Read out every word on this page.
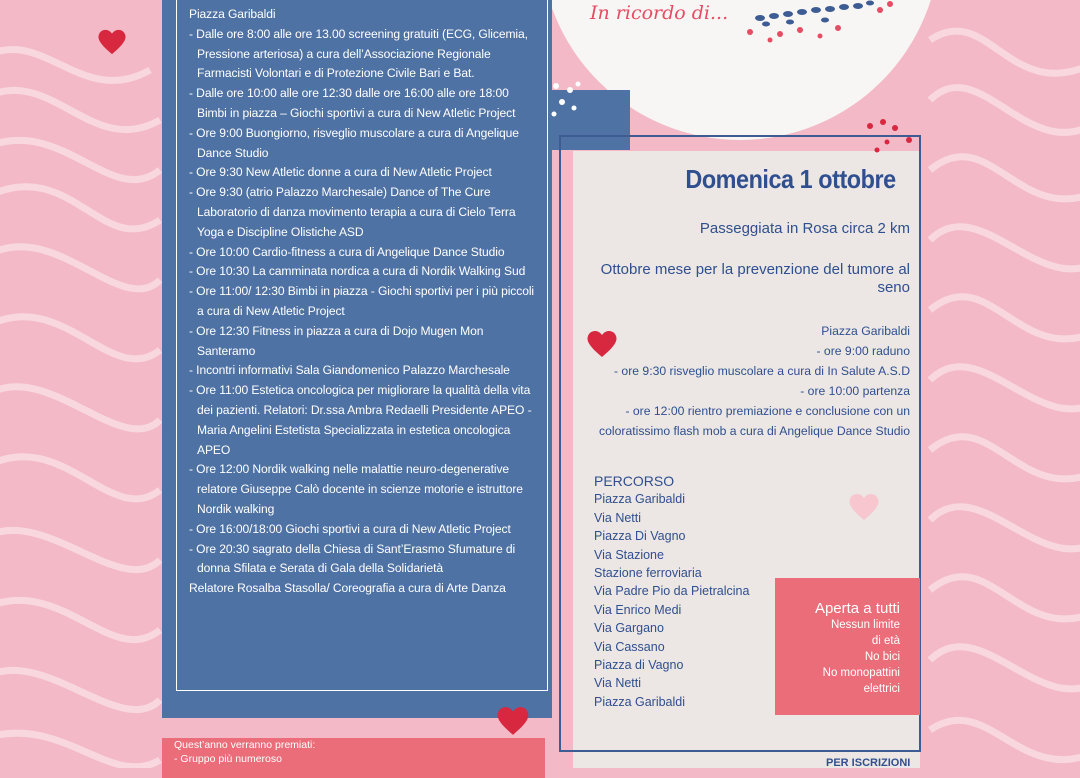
In ricordo di...
Piazza Garibaldi
- Dalle ore 8:00 alle ore 13.00 screening gratuiti (ECG, Glicemia, Pressione arteriosa) a cura dell’Associazione Regionale Farmacisti Volontari e di Protezione Civile Bari e Bat.
- Dalle ore 10:00 alle ore 12:30 dalle ore 16:00 alle ore 18:00 Bimbi in piazza – Giochi sportivi a cura di New Atletic Project
- Ore 9:00 Buongiorno, risveglio muscolare a cura di Angelique Dance Studio
- Ore 9:30 New Atletic donne a cura di New Atletic Project
- Ore 9:30 (atrio Palazzo Marchesale) Dance of The Cure Laboratorio di danza movimento terapia a cura di Cielo Terra Yoga e Discipline Olistiche ASD
- Ore 10:00 Cardio-fitness a cura di Angelique Dance Studio
- Ore 10:30 La camminata nordica a cura di Nordik Walking Sud
- Ore 11:00/ 12:30 Bimbi in piazza - Giochi sportivi per i più piccoli a cura di New Atletic Project
- Ore 12:30 Fitness in piazza a cura di Dojo Mugen Mon Santeramo
- Incontri informativi Sala Giandomenico Palazzo Marchesale
- Ore 11:00 Estetica oncologica per migliorare la qualità della vita dei pazienti. Relatori: Dr.ssa Ambra Redaelli Presidente APEO - Maria Angelini Estetista Specializzata in estetica oncologica APEO
- Ore 12:00 Nordik walking nelle malattie neuro-degenerative relatore Giuseppe Calò docente in scienze motorie e istruttore Nordik walking
- Ore 16:00/18:00 Giochi sportivi a cura di New Atletic Project
- Ore 20:30 sagrato della Chiesa di Sant’Erasmo Sfumature di donna Sfilata e Serata di Gala della Solidarietà
Relatore Rosalba Stasolla/ Coreografia a cura di Arte Danza
Domenica 1 ottobre
Passeggiata in Rosa circa 2 km
Ottobre mese per la prevenzione del tumore al seno
Piazza Garibaldi
- ore 9:00 raduno
- ore 9:30 risveglio muscolare a cura di In Salute A.S.D
- ore 10:00 partenza
- ore 12:00 rientro premiazione e conclusione con un coloratissimo flash mob a cura di Angelique Dance Studio
PERCORSO
Piazza Garibaldi
Via Netti
Piazza Di Vagno
Via Stazione
Stazione ferroviaria
Via Padre Pio da Pietralcina
Via Enrico Medi
Via Gargano
Via Cassano
Piazza di Vagno
Via Netti
Piazza Garibaldi
Aperta a tutti
Nessun limite
di età
No bici
No monopattini
elettrici
Quest’anno verranno premiati:
- Gruppo più numeroso	PER ISCRIZIONI
